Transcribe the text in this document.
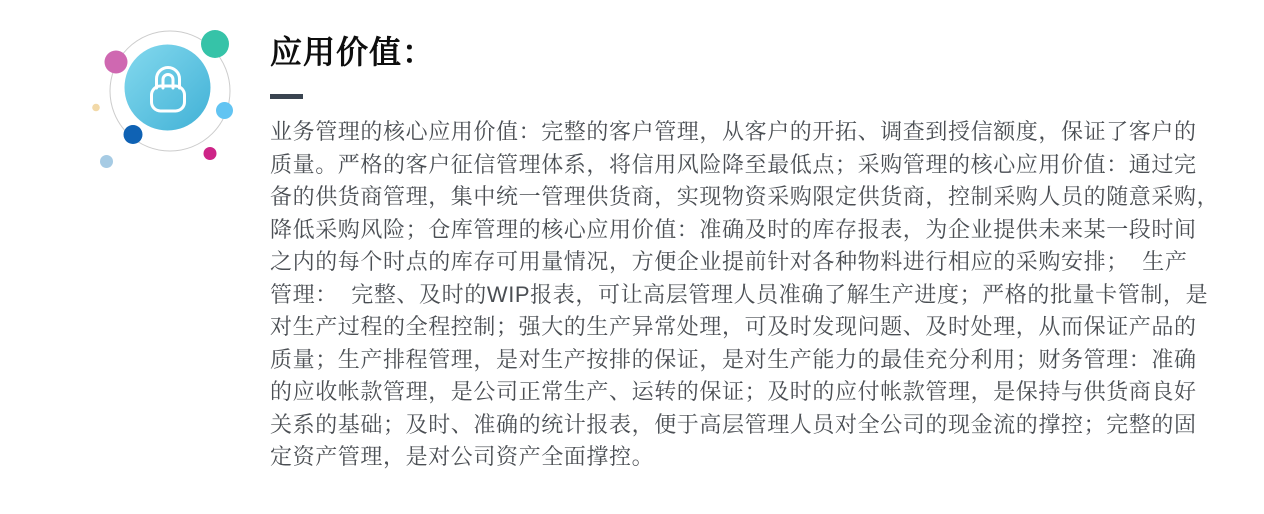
应用价值：
业务管理的核心应用价值：完整的客户管理，从客户的开拓、调查到授信额度，保证了客户的
质量。严格的客户征信管理体系，将信用风险降至最低点；采购管理的核心应用价值：通过完
备的供货商管理，集中统一管理供货商，实现物资采购限定供货商，控制采购人员的随意采购，
降低采购风险；仓库管理的核心应用价值：准确及时的库存报表，为企业提供未来某一段时间
之内的每个时点的库存可用量情况，方便企业提前针对各种物料进行相应的采购安排；  生产
管理：  完整、及时的WIP报表，可让高层管理人员准确了解生产进度；严格的批量卡管制，是
对生产过程的全程控制；强大的生产异常处理，可及时发现问题、及时处理，从而保证产品的
质量；生产排程管理，是对生产按排的保证，是对生产能力的最佳充分利用；财务管理：准确
的应收帐款管理，是公司正常生产、运转的保证；及时的应付帐款管理，是保持与供货商良好
关系的基础；及时、准确的统计报表，便于高层管理人员对全公司的现金流的撑控；完整的固
定资产管理，是对公司资产全面撑控。
